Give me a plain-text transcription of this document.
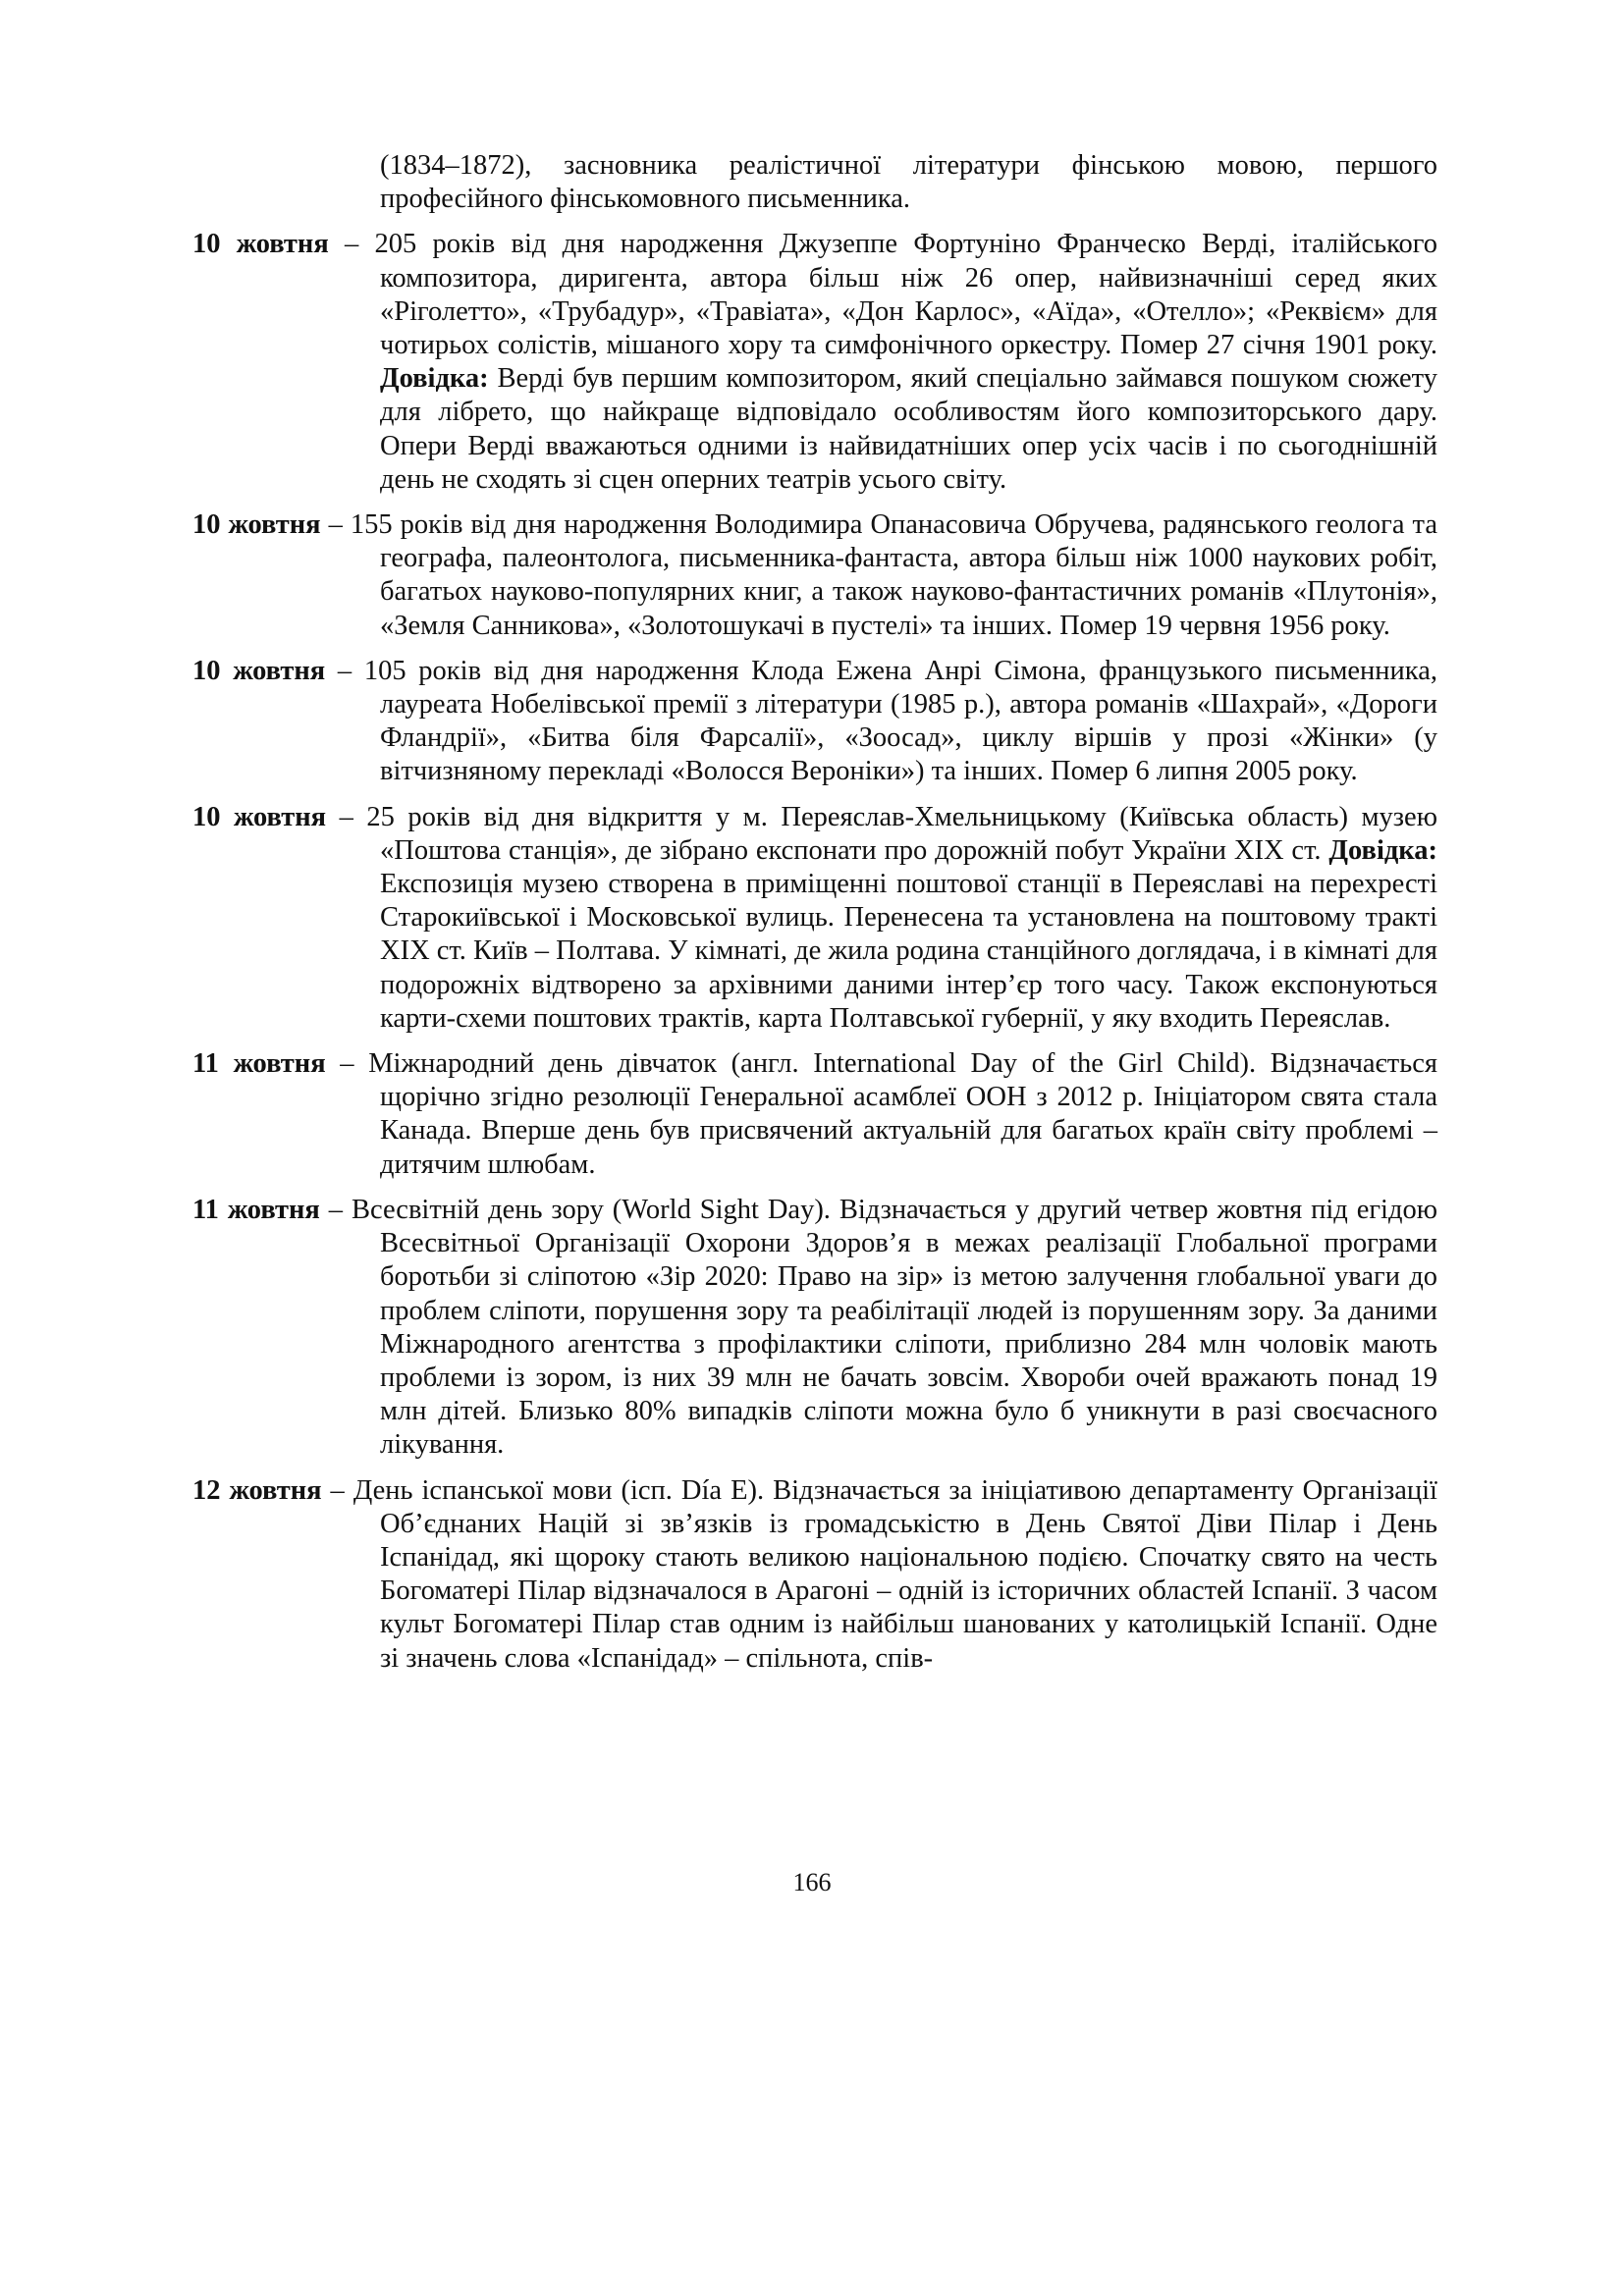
(1834–1872), засновника реалістичної літератури фінською мовою, першого професійного фінськомовного письменника.

10 жовтня – 205 років від дня народження Джузеппе Фортуніно Франческо Верді, італійського композитора, диригента, автора більш ніж 26 опер, найвизначніші серед яких «Ріголетто», «Трубадур», «Травіата», «Дон Карлос», «Аїда», «Отелло»; «Реквієм» для чотирьох солістів, мішаного хору та симфонічного оркестру. Помер 27 січня 1901 року. Довідка: Верді був першим композитором, який спеціально займався пошуком сюжету для лібрето, що найкраще відповідало особливостям його композиторського дару. Опери Верді вважаються одними із найвидатніших опер усіх часів і по сьогоднішній день не сходять зі сцен оперних театрів усього світу.

10 жовтня – 155 років від дня народження Володимира Опанасовича Обручева, радянського геолога та географа, палеонтолога, письменника-фантаста, автора більш ніж 1000 наукових робіт, багатьох науково-популярних книг, а також науково-фантастичних романів «Плутонія», «Земля Санникова», «Золотошукачі в пустелі» та інших. Помер 19 червня 1956 року.

10 жовтня – 105 років від дня народження Клода Ежена Анрі Сімона, французького письменника, лауреата Нобелівської премії з літератури (1985 р.), автора романів «Шахрай», «Дороги Фландрії», «Битва біля Фарсалії», «Зоосад», циклу віршів у прозі «Жінки» (у вітчизняному перекладі «Волосся Вероніки») та інших. Помер 6 липня 2005 року.

10 жовтня – 25 років від дня відкриття у м. Переяслав-Хмельницькому (Київська область) музею «Поштова станція», де зібрано експонати про дорожній побут України XIX ст. Довідка: Експозиція музею створена в приміщенні поштової станції в Переяславі на перехресті Старокиївської і Московської вулиць. Перенесена та установлена на поштовому тракті XIX ст. Київ – Полтава. У кімнаті, де жила родина станційного доглядача, і в кімнаті для подорожніх відтворено за архівними даними інтер’єр того часу. Також експонуються карти-схеми поштових трактів, карта Полтавської губернії, у яку входить Переяслав.

11 жовтня – Міжнародний день дівчаток (англ. International Day of the Girl Child). Відзначається щорічно згідно резолюції Генеральної асамблеї ООН з 2012 р. Ініціатором свята стала Канада. Вперше день був присвячений актуальній для багатьох країн світу проблемі – дитячим шлюбам.

11 жовтня – Всесвітній день зору (World Sight Day). Відзначається у другий четвер жовтня під егідою Всесвітньої Організації Охорони Здоров’я в межах реалізації Глобальної програми боротьби зі сліпотою «Зір 2020: Право на зір» із метою залучення глобальної уваги до проблем сліпоти, порушення зору та реабілітації людей із порушенням зору. За даними Міжнародного агентства з профілактики сліпоти, приблизно 284 млн чоловік мають проблеми із зором, із них 39 млн не бачать зовсім. Хвороби очей вражають понад 19 млн дітей. Близько 80% випадків сліпоти можна було б уникнути в разі своєчасного лікування.

12 жовтня – День іспанської мови (ісп. Día E). Відзначається за ініціативою департаменту Організації Об’єднаних Націй зі зв’язків із громадськістю в День Святої Діви Пілар і День Іспанідад, які щороку стають великою національною подією. Спочатку свято на честь Богоматері Пілар відзначалося в Арагоні – одній із історичних областей Іспанії. З часом культ Богоматері Пілар став одним із найбільш шанованих у католицькій Іспанії. Одне зі значень слова «Іспанідад» – спільнота, спів-

166
